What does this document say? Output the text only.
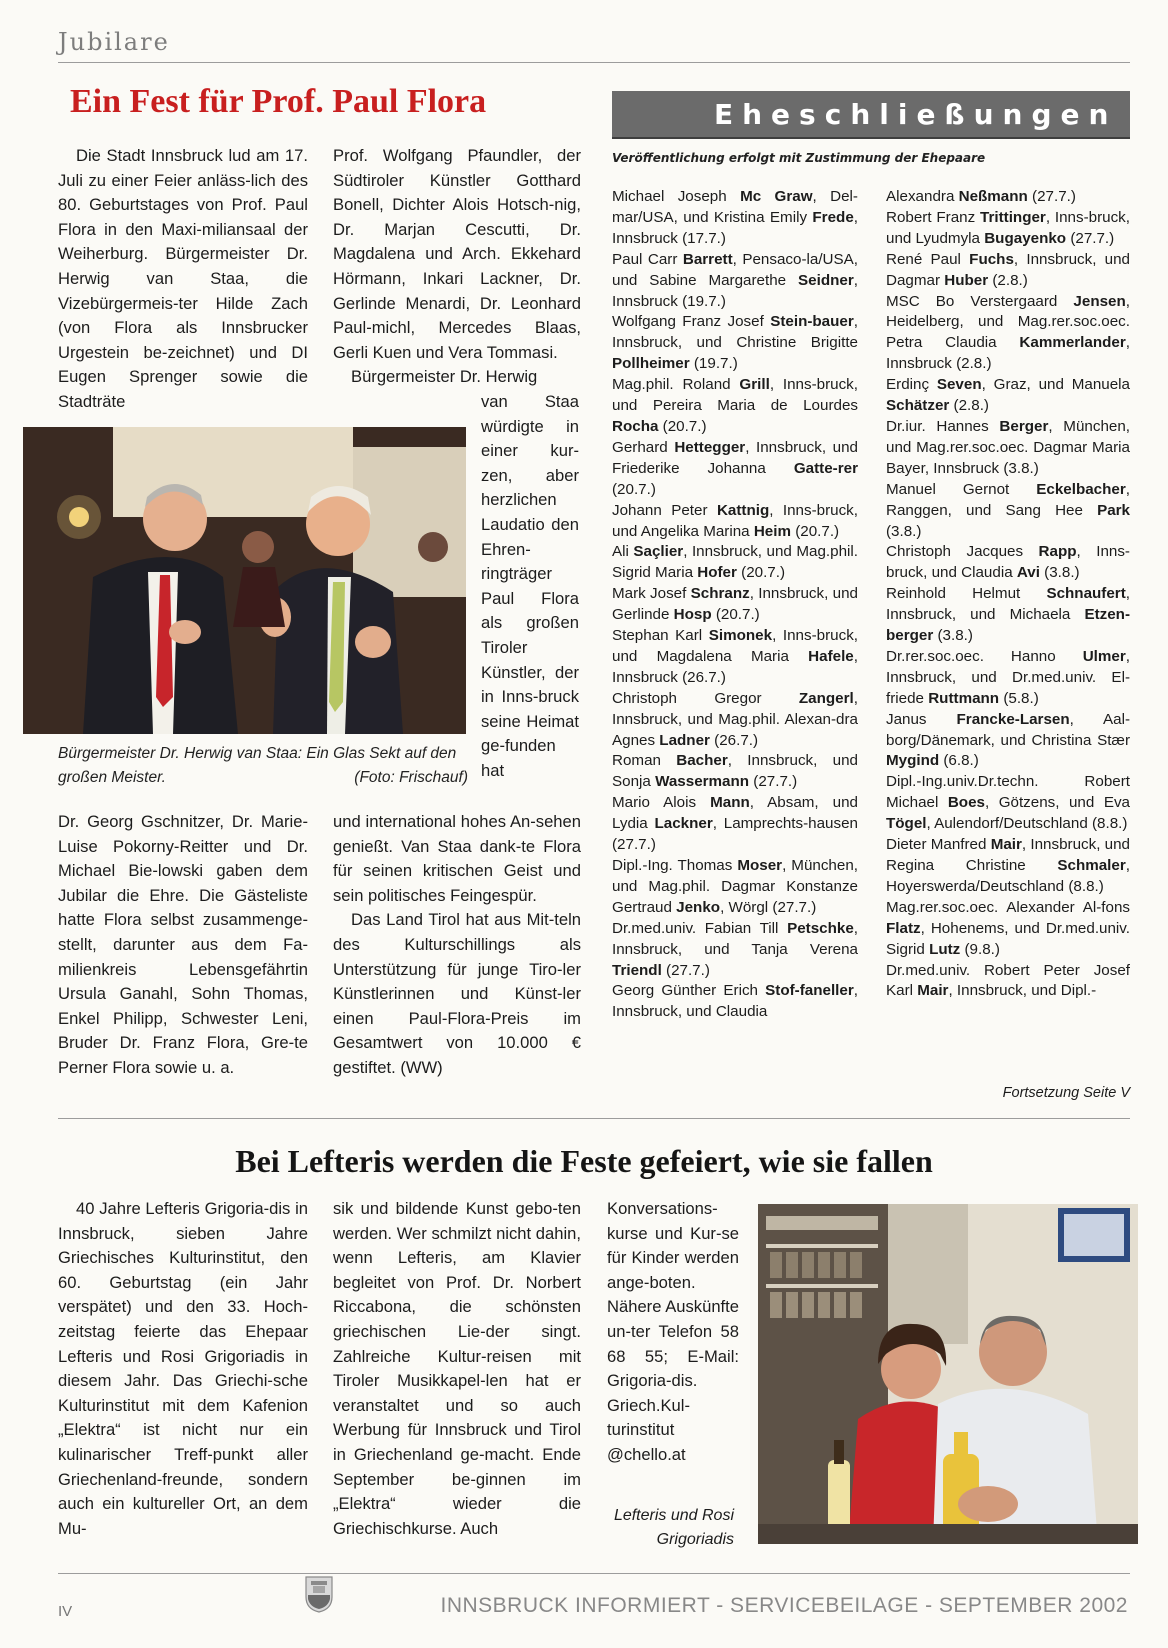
Jubilare
Ein Fest für Prof. Paul Flora

Die Stadt Innsbruck lud am 17. Juli zu einer Feier anläss-lich des 80. Geburtstages von Prof. Paul Flora in den Maxi-miliansaal der Weiherburg. Bürgermeister Dr. Herwig van Staa, die Vizebürgermeis-ter Hilde Zach (von Flora als Innsbrucker Urgestein be-zeichnet) und DI Eugen Sprenger sowie die Stadträte

Prof. Wolfgang Pfaundler, der Südtiroler Künstler Gotthard Bonell, Dichter Alois Hotsch-nig, Dr. Marjan Cescutti, Dr. Magdalena und Arch. Ekkehard Hörmann, Inkari Lackner, Dr. Gerlinde Menardi, Dr. Leonhard Paul-michl, Mercedes Blaas, Gerli Kuen und Vera Tommasi.

Bürgermeister Dr. Herwig

van Staa würdigte in einer kur-zen, aber herzlichen Laudatio den Ehren-ringträger Paul Flora als großen Tiroler Künstler, der in Inns-bruck seine Heimat ge-funden hat

Bürgermeister Dr. Herwig van Staa: Ein Glas Sekt auf den großen Meister.	(Foto: Frischauf)

Dr. Georg Gschnitzer, Dr. Marie-Luise Pokorny-Reitter und Dr. Michael Bie-lowski gaben dem Jubilar die Ehre. Die Gästeliste hatte Flora selbst zusammenge-stellt, darunter aus dem Fa-milienkreis Lebensgefährtin Ursula Ganahl, Sohn Thomas, Enkel Philipp, Schwester Leni, Bruder Dr. Franz Flora, Gre-te Perner Flora sowie u. a.

und international hohes An-sehen genießt. Van Staa dank-te Flora für seinen kritischen Geist und sein politisches Feingespür.

Das Land Tirol hat aus Mit-teln des Kulturschillings als Unterstützung für junge Tiro-ler Künstlerinnen und Künst-ler einen Paul-Flora-Preis im Gesamtwert von 10.000 € gestiftet. (WW)

Eheschließungen
Veröffentlichung erfolgt mit Zustimmung der Ehepaare

Michael Joseph Mc Graw, Del-mar/USA, und Kristina Emily Frede, Innsbruck (17.7.)

Paul Carr Barrett, Pensaco-la/USA, und Sabine Margarethe Seidner, Innsbruck (19.7.)

Wolfgang Franz Josef Stein-bauer, Innsbruck, und Christine Brigitte Pollheimer (19.7.)

Mag.phil. Roland Grill, Inns-bruck, und Pereira Maria de Lourdes Rocha (20.7.)

Gerhard Hettegger, Innsbruck, und Friederike Johanna Gatte-rer (20.7.)

Johann Peter Kattnig, Inns-bruck, und Angelika Marina Heim (20.7.)

Ali Saçlier, Innsbruck, und Mag.phil. Sigrid Maria Hofer (20.7.)

Mark Josef Schranz, Innsbruck, und Gerlinde Hosp (20.7.)

Stephan Karl Simonek, Inns-bruck, und Magdalena Maria Hafele, Innsbruck (26.7.)

Christoph Gregor Zangerl, Innsbruck, und Mag.phil. Alexan-dra Agnes Ladner (26.7.)

Roman Bacher, Innsbruck, und Sonja Wassermann (27.7.)

Mario Alois Mann, Absam, und Lydia Lackner, Lamprechts-hausen (27.7.)

Dipl.-Ing. Thomas Moser, München, und Mag.phil. Dagmar Konstanze Gertraud Jenko, Wörgl (27.7.)

Dr.med.univ. Fabian Till Petschke, Innsbruck, und Tanja Verena Triendl (27.7.)

Georg Günther Erich Stof-faneller, Innsbruck, und Claudia

Alexandra Neßmann (27.7.)

Robert Franz Trittinger, Inns-bruck, und Lyudmyla Bugayenko (27.7.)

René Paul Fuchs, Innsbruck, und Dagmar Huber (2.8.)

MSC Bo Verstergaard Jensen, Heidelberg, und Mag.rer.soc.oec. Petra Claudia Kammerlander, Innsbruck (2.8.)

Erdinç Seven, Graz, und Manuela Schätzer (2.8.)

Dr.iur. Hannes Berger, München, und Mag.rer.soc.oec. Dagmar Maria Bayer, Innsbruck (3.8.)

Manuel Gernot Eckelbacher, Ranggen, und Sang Hee Park (3.8.)

Christoph Jacques Rapp, Inns-bruck, und Claudia Avi (3.8.)

Reinhold Helmut Schnaufert, Innsbruck, und Michaela Etzen-berger (3.8.)

Dr.rer.soc.oec. Hanno Ulmer, Innsbruck, und Dr.med.univ. El-friede Ruttmann (5.8.)

Janus Francke-Larsen, Aal-borg/Dänemark, und Christina Stær Mygind (6.8.)

Dipl.-Ing.univ.Dr.techn. Robert Michael Boes, Götzens, und Eva Tögel, Aulendorf/Deutschland (8.8.)

Dieter Manfred Mair, Innsbruck, und Regina Christine Schmaler, Hoyerswerda/Deutschland (8.8.)

Mag.rer.soc.oec. Alexander Al-fons Flatz, Hohenems, und Dr.med.univ. Sigrid Lutz (9.8.)

Dr.med.univ. Robert Peter Josef Karl Mair, Innsbruck, und Dipl.-

Fortsetzung Seite V
Bei Lefteris werden die Feste gefeiert, wie sie fallen

40 Jahre Lefteris Grigoria-dis in Innsbruck, sieben Jahre Griechisches Kulturinstitut, den 60. Geburtstag (ein Jahr verspätet) und den 33. Hoch-zeitstag feierte das Ehepaar Lefteris und Rosi Grigoriadis in diesem Jahr. Das Griechi-sche Kulturinstitut mit dem Kafenion „Elektra“ ist nicht nur ein kulinarischer Treff-punkt aller Griechenland-freunde, sondern auch ein kultureller Ort, an dem Mu-

sik und bildende Kunst gebo-ten werden. Wer schmilzt nicht dahin, wenn Lefteris, am Klavier begleitet von Prof. Dr. Norbert Riccabona, die schönsten griechischen Lie-der singt. Zahlreiche Kultur-reisen mit Tiroler Musikkapel-len hat er veranstaltet und so auch Werbung für Innsbruck und Tirol in Griechenland ge-macht. Ende September be-ginnen im „Elektra“ wieder die Griechischkurse. Auch

Konversations-kurse und Kur-se für Kinder werden ange-boten. Nähere Auskünfte un-ter Telefon 58 68 55; E-Mail: Grigoria-dis. Griech.Kul-turinstitut @chello.at

Lefteris und Rosi Grigoriadis
IV	INNSBRUCK INFORMIERT - SERVICEBEILAGE - SEPTEMBER 2002
